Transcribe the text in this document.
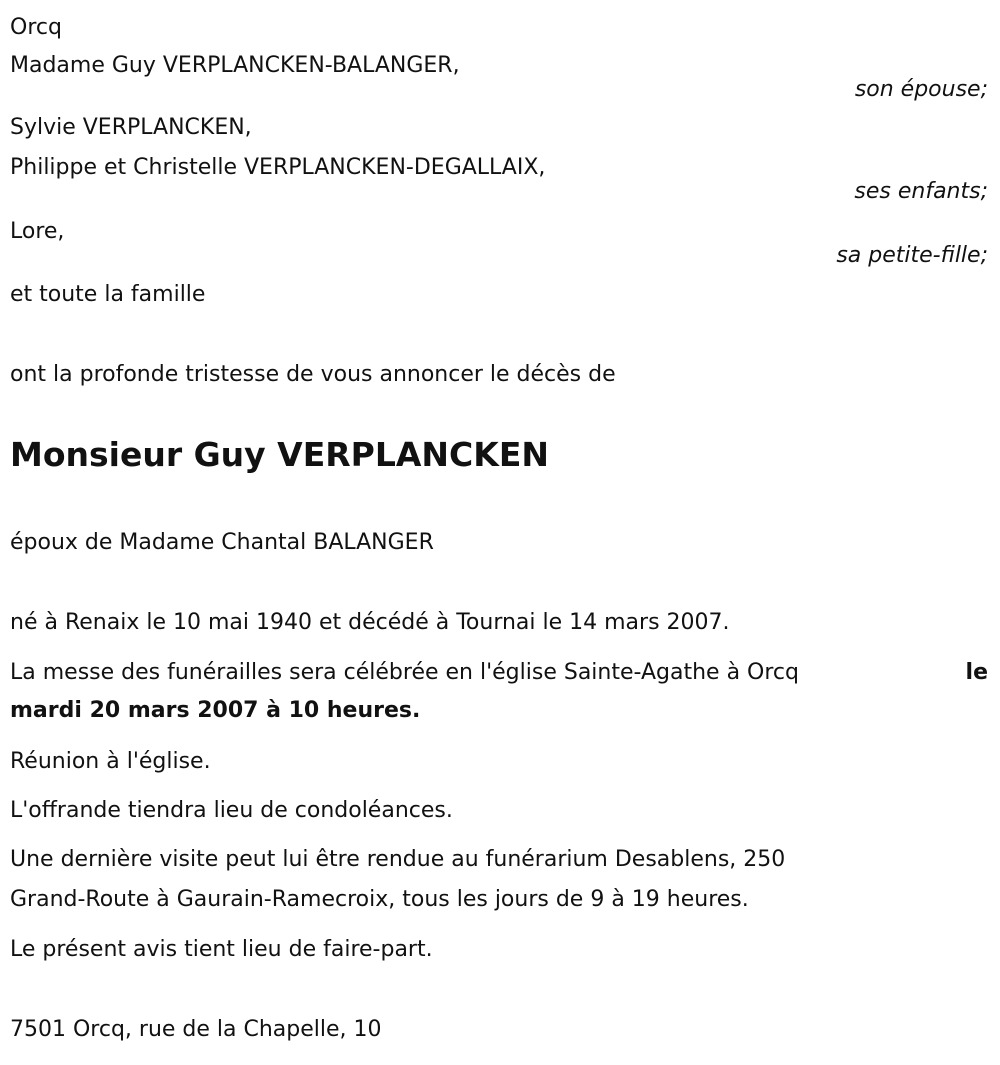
Orcq
Madame Guy VERPLANCKEN-BALANGER,
son épouse;
Sylvie VERPLANCKEN,
Philippe et Christelle VERPLANCKEN-DEGALLAIX,
ses enfants;
Lore,
sa petite-fille;
et toute la famille
ont la profonde tristesse de vous annoncer le décès de
Monsieur Guy VERPLANCKEN
époux de Madame Chantal BALANGER
né à Renaix le 10 mai 1940 et décédé à Tournai le 14 mars 2007.
La messe des funérailles sera célébrée en l'église Sainte-Agathe à Orcq	le
mardi 20 mars 2007 à 10 heures.
Réunion à l'église.
L'offrande tiendra lieu de condoléances.
Une dernière visite peut lui être rendue au funérarium Desablens, 250
Grand-Route à Gaurain-Ramecroix, tous les jours de 9 à 19 heures.
Le présent avis tient lieu de faire-part.
7501 Orcq, rue de la Chapelle, 10
